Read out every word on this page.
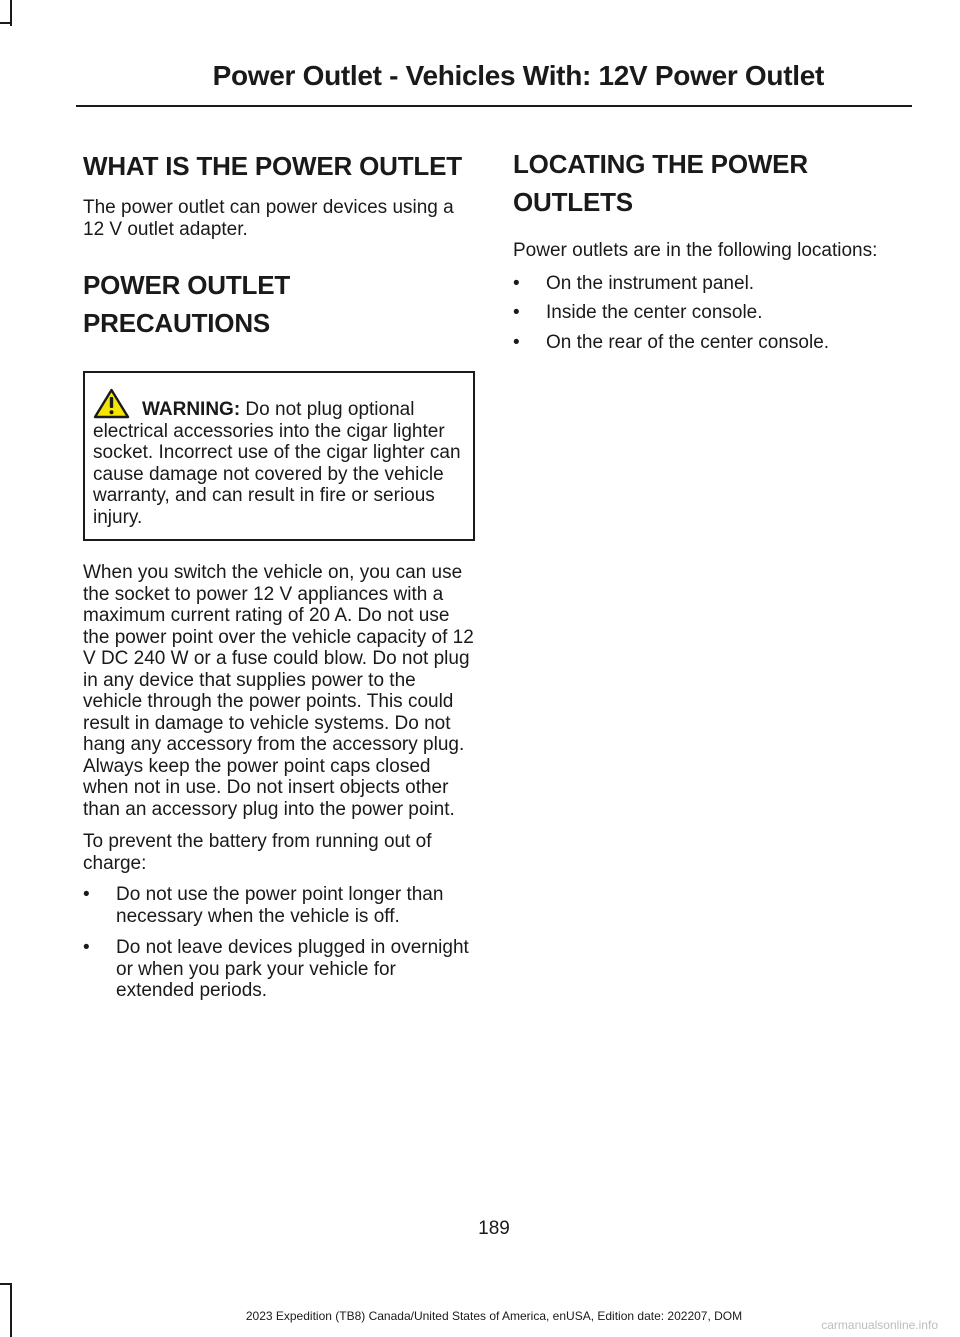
Power Outlet - Vehicles With: 12V Power Outlet
WHAT IS THE POWER OUTLET

The power outlet can power devices using a 12 V outlet adapter.

POWER OUTLET
PRECAUTIONS
WARNING: Do not plug optional electrical accessories into the cigar lighter socket. Incorrect use of the cigar lighter can cause damage not covered by the vehicle warranty, and can result in fire or serious injury.

When you switch the vehicle on, you can use the socket to power 12 V appliances with a maximum current rating of 20 A. Do not use the power point over the vehicle capacity of 12 V DC 240 W or a fuse could blow. Do not plug in any device that supplies power to the vehicle through the power points. This could result in damage to vehicle systems. Do not hang any accessory from the accessory plug. Always keep the power point caps closed when not in use. Do not insert objects other than an accessory plug into the power point.

To prevent the battery from running out of charge:

• Do not use the power point longer than necessary when the vehicle is off.
• Do not leave devices plugged in overnight or when you park your vehicle for extended periods.
LOCATING THE POWER
OUTLETS

Power outlets are in the following locations:

• On the instrument panel.
• Inside the center console.
• On the rear of the center console.
189
2023 Expedition (TB8) Canada/United States of America, enUSA, Edition date: 202207, DOM
carmanualsonline.info
